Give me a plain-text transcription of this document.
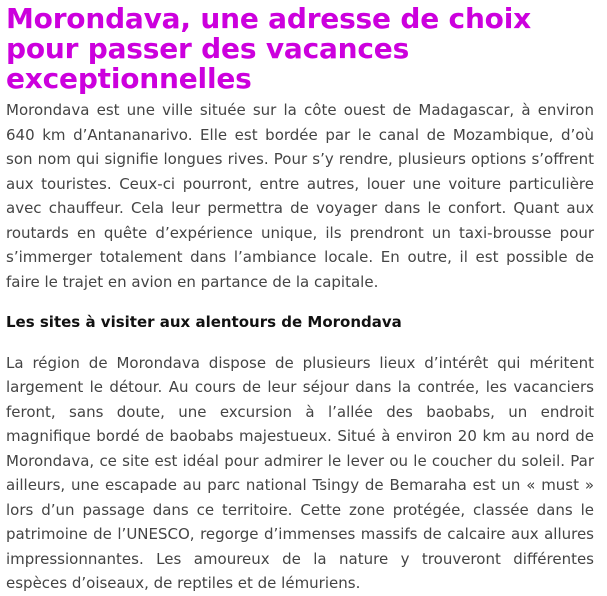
Morondava, une adresse de choix pour passer des vacances exceptionnelles

Morondava est une ville située sur la côte ouest de Madagascar, à environ 640 km d’Antananarivo. Elle est bordée par le canal de Mozambique, d’où son nom qui signifie longues rives. Pour s’y rendre, plusieurs options s’offrent aux touristes. Ceux-ci pourront, entre autres, louer une voiture particulière avec chauffeur. Cela leur permettra de voyager dans le confort. Quant aux routards en quête d’expérience unique, ils prendront un taxi-brousse pour s’immerger totalement dans l’ambiance locale. En outre, il est possible de faire le trajet en avion en partance de la capitale.

Les sites à visiter aux alentours de Morondava

La région de Morondava dispose de plusieurs lieux d’intérêt qui méritent largement le détour. Au cours de leur séjour dans la contrée, les vacanciers feront, sans doute, une excursion à l’allée des baobabs, un endroit magnifique bordé de baobabs majestueux. Situé à environ 20 km au nord de Morondava, ce site est idéal pour admirer le lever ou le coucher du soleil. Par ailleurs, une escapade au parc national Tsingy de Bemaraha est un « must » lors d’un passage dans ce territoire. Cette zone protégée, classée dans le patrimoine de l’UNESCO, regorge d’immenses massifs de calcaire aux allures impressionnantes. Les amoureux de la nature y trouveront différentes espèces d’oiseaux, de reptiles et de lémuriens.
